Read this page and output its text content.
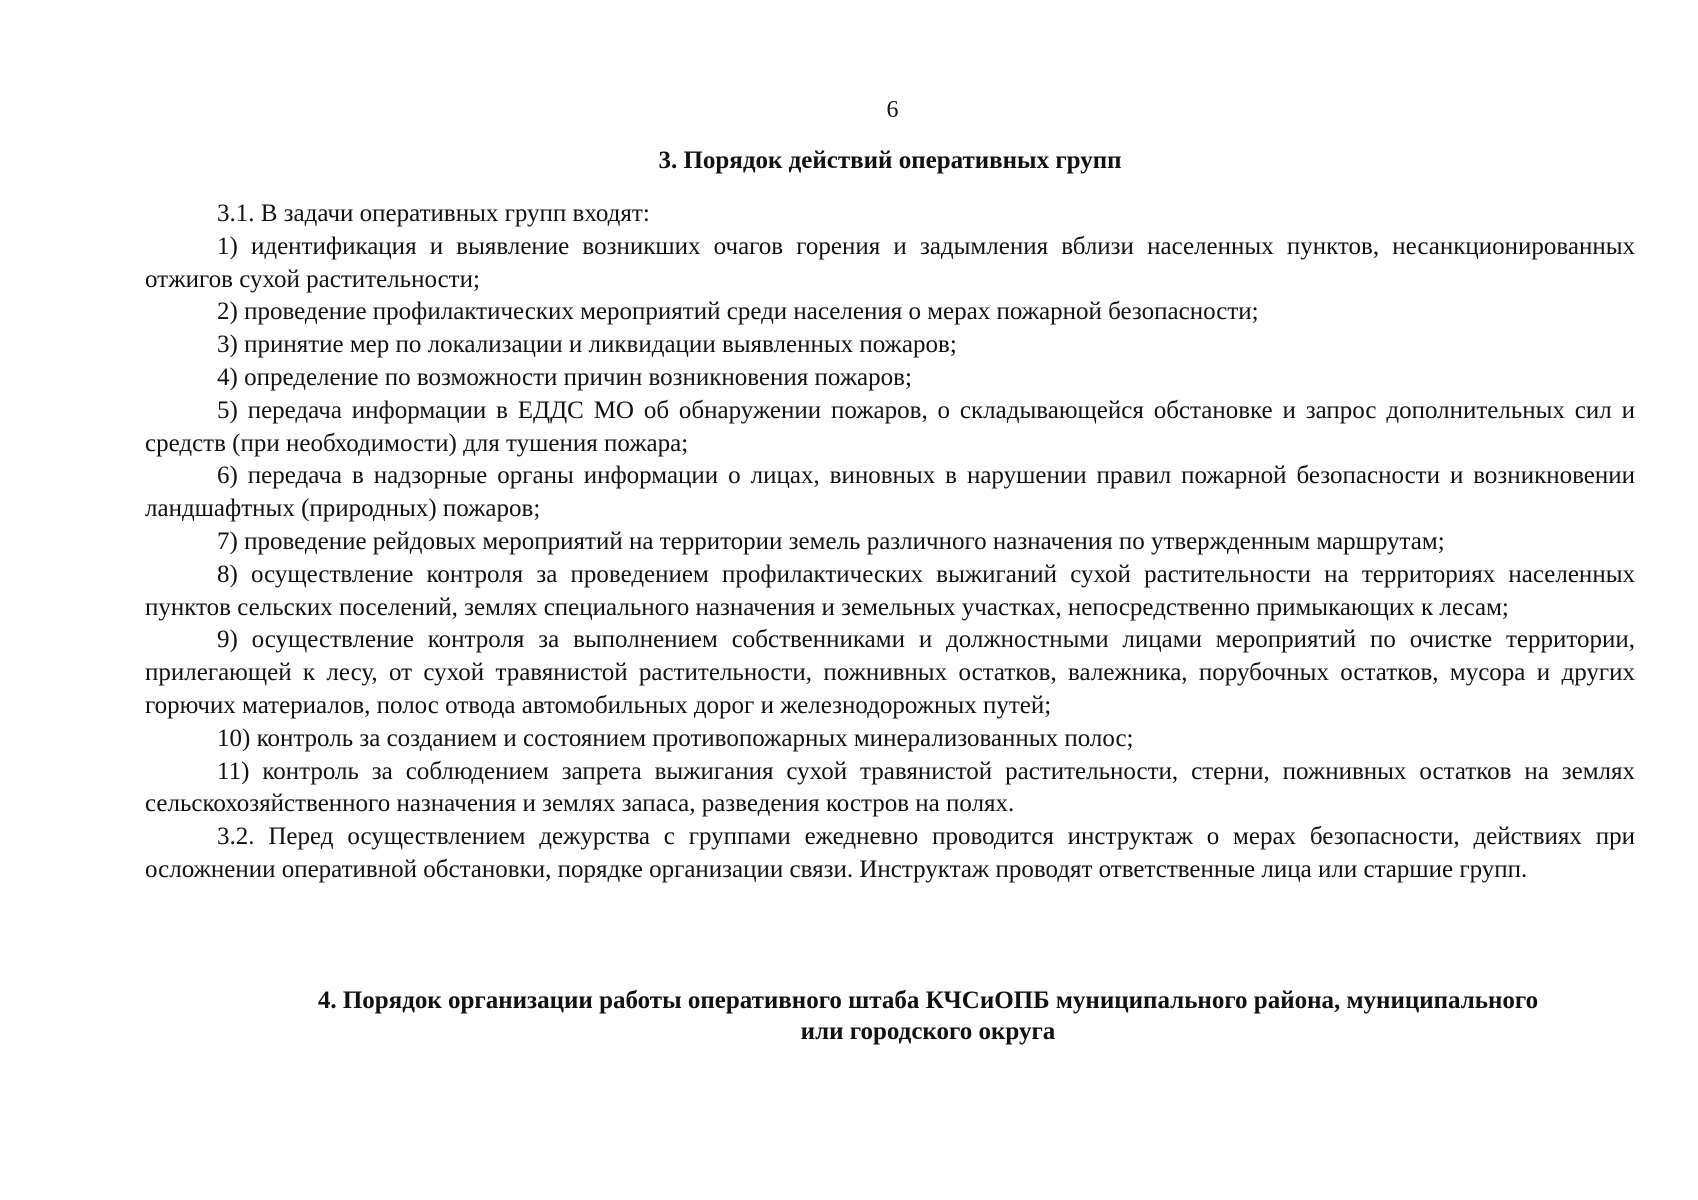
6
3. Порядок действий оперативных групп

3.1. В задачи оперативных групп входят:

1) идентификация и выявление возникших очагов горения и задымления вблизи населенных пунктов, несанкционированных отжигов сухой растительности;

2) проведение профилактических мероприятий среди населения о мерах пожарной безопасности;

3) принятие мер по локализации и ликвидации выявленных пожаров;

4) определение по возможности причин возникновения пожаров;

5) передача информации в ЕДДС МО об обнаружении пожаров, о складывающейся обстановке и запрос дополнительных сил и средств (при необходимости) для тушения пожара;

6) передача в надзорные органы информации о лицах, виновных в нарушении правил пожарной безопасности и возникновении ландшафтных (природных) пожаров;

7) проведение рейдовых мероприятий на территории земель различного назначения по утвержденным маршрутам;

8) осуществление контроля за проведением профилактических выжиганий сухой растительности на территориях населенных пунктов сельских поселений, землях специального назначения и земельных участках, непосредственно примыкающих к лесам;

9) осуществление контроля за выполнением собственниками и должностными лицами мероприятий по очистке территории, прилегающей к лесу, от сухой травянистой растительности, пожнивных остатков, валежника, порубочных остатков, мусора и других горючих материалов, полос отвода автомобильных дорог и железнодорожных путей;

10) контроль за созданием и состоянием противопожарных минерализованных полос;

11) контроль за соблюдением запрета выжигания сухой травянистой растительности, стерни, пожнивных остатков на землях сельскохозяйственного назначения и землях запаса, разведения костров на полях.

3.2. Перед осуществлением дежурства с группами ежедневно проводится инструктаж о мерах безопасности, действиях при осложнении оперативной обстановки, порядке организации связи. Инструктаж проводят ответственные лица или старшие групп.

4. Порядок организации работы оперативного штаба КЧСиОПБ муниципального района, муниципального
или городского округа
